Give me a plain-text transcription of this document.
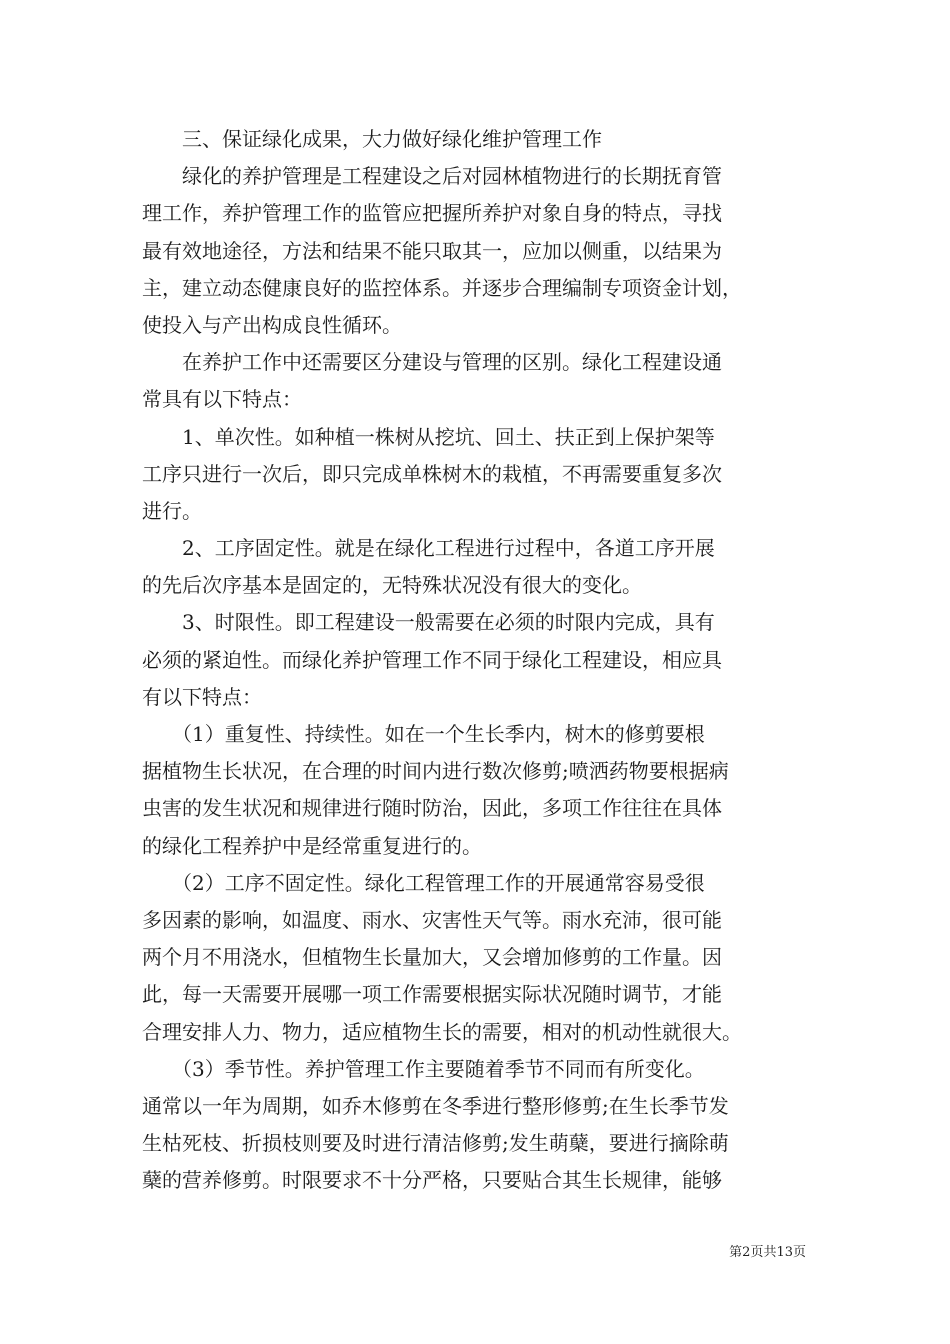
　　三、保证绿化成果，大力做好绿化维护管理工作
　　绿化的养护管理是工程建设之后对园林植物进行的长期抚育管
理工作，养护管理工作的监管应把握所养护对象自身的特点，寻找
最有效地途径，方法和结果不能只取其一，应加以侧重，以结果为
主，建立动态健康良好的监控体系。并逐步合理编制专项资金计划，
使投入与产出构成良性循环。
　　在养护工作中还需要区分建设与管理的区别。绿化工程建设通
常具有以下特点：
　　1、单次性。如种植一株树从挖坑、回土、扶正到上保护架等
工序只进行一次后，即只完成单株树木的栽植，不再需要重复多次
进行。
　　2、工序固定性。就是在绿化工程进行过程中，各道工序开展
的先后次序基本是固定的，无特殊状况没有很大的变化。
　　3、时限性。即工程建设一般需要在必须的时限内完成，具有
必须的紧迫性。而绿化养护管理工作不同于绿化工程建设，相应具
有以下特点：
　　（1）重复性、持续性。如在一个生长季内，树木的修剪要根
据植物生长状况，在合理的时间内进行数次修剪;喷洒药物要根据病
虫害的发生状况和规律进行随时防治，因此，多项工作往往在具体
的绿化工程养护中是经常重复进行的。
　　（2）工序不固定性。绿化工程管理工作的开展通常容易受很
多因素的影响，如温度、雨水、灾害性天气等。雨水充沛，很可能
两个月不用浇水，但植物生长量加大，又会增加修剪的工作量。因
此，每一天需要开展哪一项工作需要根据实际状况随时调节，才能
合理安排人力、物力，适应植物生长的需要，相对的机动性就很大。
　　（3）季节性。养护管理工作主要随着季节不同而有所变化。
通常以一年为周期，如乔木修剪在冬季进行整形修剪;在生长季节发
生枯死枝、折损枝则要及时进行清洁修剪;发生萌蘖，要进行摘除萌
蘖的营养修剪。时限要求不十分严格，只要贴合其生长规律，能够
第2页共13页
